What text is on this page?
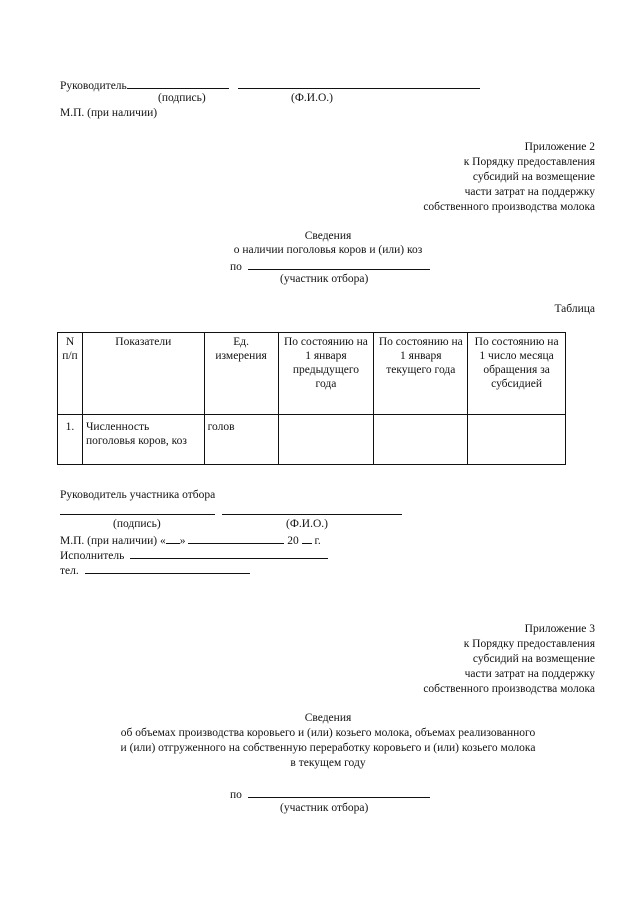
Руководитель
(подпись)	(Ф.И.О.)
М.П. (при наличии)
Приложение 2
к Порядку предоставления
субсидий на возмещение
части затрат на поддержку
собственного производства молока
Сведения
о наличии поголовья коров и (или) коз
по
(участник отбора)
Таблица
N п/п	Показатели	Ед. измерения	По состоянию на 1 января предыдущего года	По состоянию на 1 января текущего года	По состоянию на 1 число месяца обращения за субсидией
1.	Численность поголовья коров, коз	голов			
Руководитель участника отбора

(подпись)	(Ф.И.О.)
М.П. (при наличии) « »	20 г.
Исполнитель
тел.
Приложение 3
к Порядку предоставления
субсидий на возмещение
части затрат на поддержку
собственного производства молока
Сведения
об объемах производства коровьего и (или) козьего молока, объемах реализованного
и (или) отгруженного на собственную переработку коровьего и (или) козьего молока
в текущем году
по
(участник отбора)
